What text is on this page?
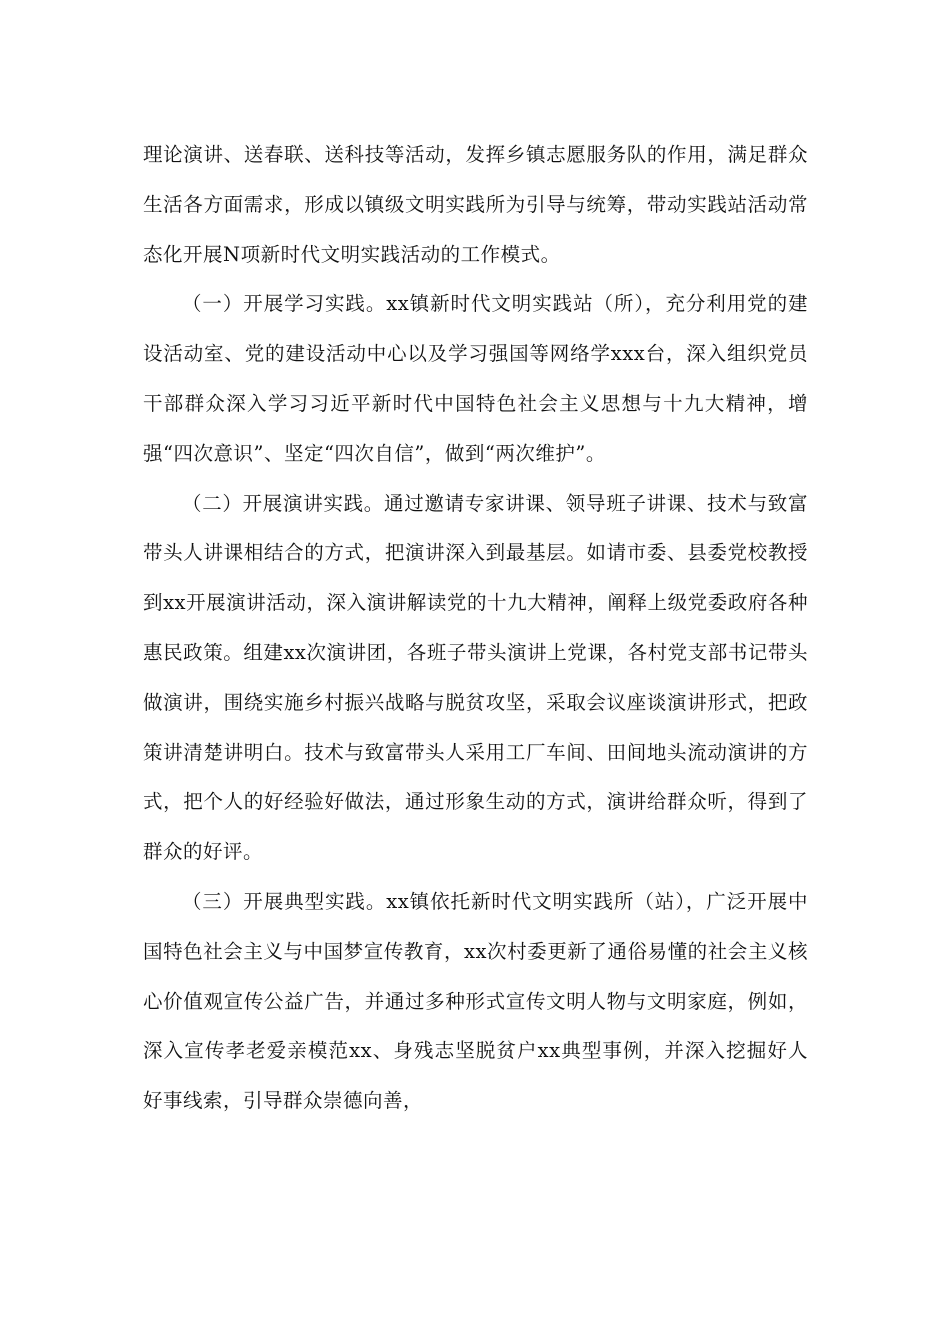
理论演讲、送春联、送科技等活动，发挥乡镇志愿服务队的作用，满足群众生活各方面需求，形成以镇级文明实践所为引导与统筹，带动实践站活动常态化开展N项新时代文明实践活动的工作模式。

（一）开展学习实践。xx镇新时代文明实践站（所），充分利用党的建设活动室、党的建设活动中心以及学习强国等网络学xxx台，深入组织党员干部群众深入学习习近平新时代中国特色社会主义思想与十九大精神，增强“四次意识”、坚定“四次自信”，做到“两次维护”。

（二）开展演讲实践。通过邀请专家讲课、领导班子讲课、技术与致富带头人讲课相结合的方式，把演讲深入到最基层。如请市委、县委党校教授到xx开展演讲活动，深入演讲解读党的十九大精神，阐释上级党委政府各种惠民政策。组建xx次演讲团，各班子带头演讲上党课，各村党支部书记带头做演讲，围绕实施乡村振兴战略与脱贫攻坚，采取会议座谈演讲形式，把政策讲清楚讲明白。技术与致富带头人采用工厂车间、田间地头流动演讲的方式，把个人的好经验好做法，通过形象生动的方式，演讲给群众听，得到了群众的好评。

（三）开展典型实践。xx镇依托新时代文明实践所（站），广泛开展中国特色社会主义与中国梦宣传教育，xx次村委更新了通俗易懂的社会主义核心价值观宣传公益广告，并通过多种形式宣传文明人物与文明家庭，例如，深入宣传孝老爱亲模范xx、身残志坚脱贫户xx典型事例，并深入挖掘好人好事线索，引导群众崇德向善，
